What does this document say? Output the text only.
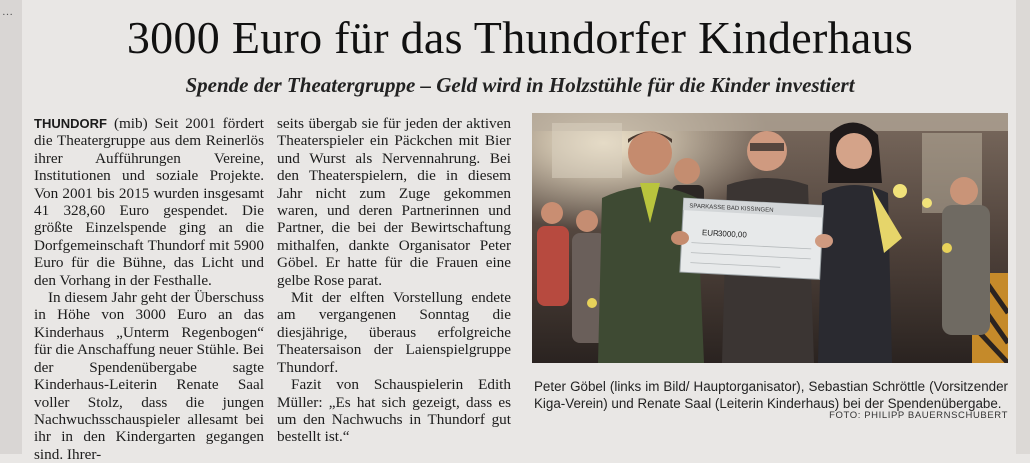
…	3000 Euro für das Thundorfer Kinderhaus
Spende der Theatergruppe – Geld wird in Holzstühle für die Kinder investiert

THUNDORF (mib) Seit 2001 fördert die Theatergruppe aus dem Reinerlös ihrer Aufführungen Vereine, Institutionen und soziale Projekte. Von 2001 bis 2015 wurden insgesamt 41 328,60 Euro gespendet. Die größte Einzelspende ging an die Dorfgemeinschaft Thundorf mit 5900 Euro für die Bühne, das Licht und den Vorhang in der Festhalle.

In diesem Jahr geht der Überschuss in Höhe von 3000 Euro an das Kinderhaus „Unterm Regenbogen“ für die Anschaffung neuer Stühle. Bei der Spendenübergabe sagte Kinderhaus-Leiterin Renate Saal voller Stolz, dass die jungen Nachwuchsschauspieler allesamt bei ihr in den Kindergarten gegangen sind. Ihrer-

seits übergab sie für jeden der aktiven Theaterspieler ein Päckchen mit Bier und Wurst als Nervennahrung. Bei den Theaterspielern, die in diesem Jahr nicht zum Zuge gekommen waren, und deren Partnerinnen und Partner, die bei der Bewirtschaftung mithalfen, dankte Organisator Peter Göbel. Er hatte für die Frauen eine gelbe Rose parat.

Mit der elften Vorstellung endete am vergangenen Sonntag die diesjährige, überaus erfolgreiche Theatersaison der Laienspielgruppe Thundorf.

Fazit von Schauspielerin Edith Müller: „Es hat sich gezeigt, dass es um den Nachwuchs in Thundorf gut bestellt ist.“

SPARKASSE BAD KISSINGEN
EUR
3000,00
Peter Göbel (links im Bild/ Hauptorganisator), Sebastian Schröttle (Vorsitzender Kiga-Verein) und Renate Saal (Leiterin Kinderhaus) bei der Spendenübergabe.
FOTO: PHILIPP BAUERNSCHUBERT
